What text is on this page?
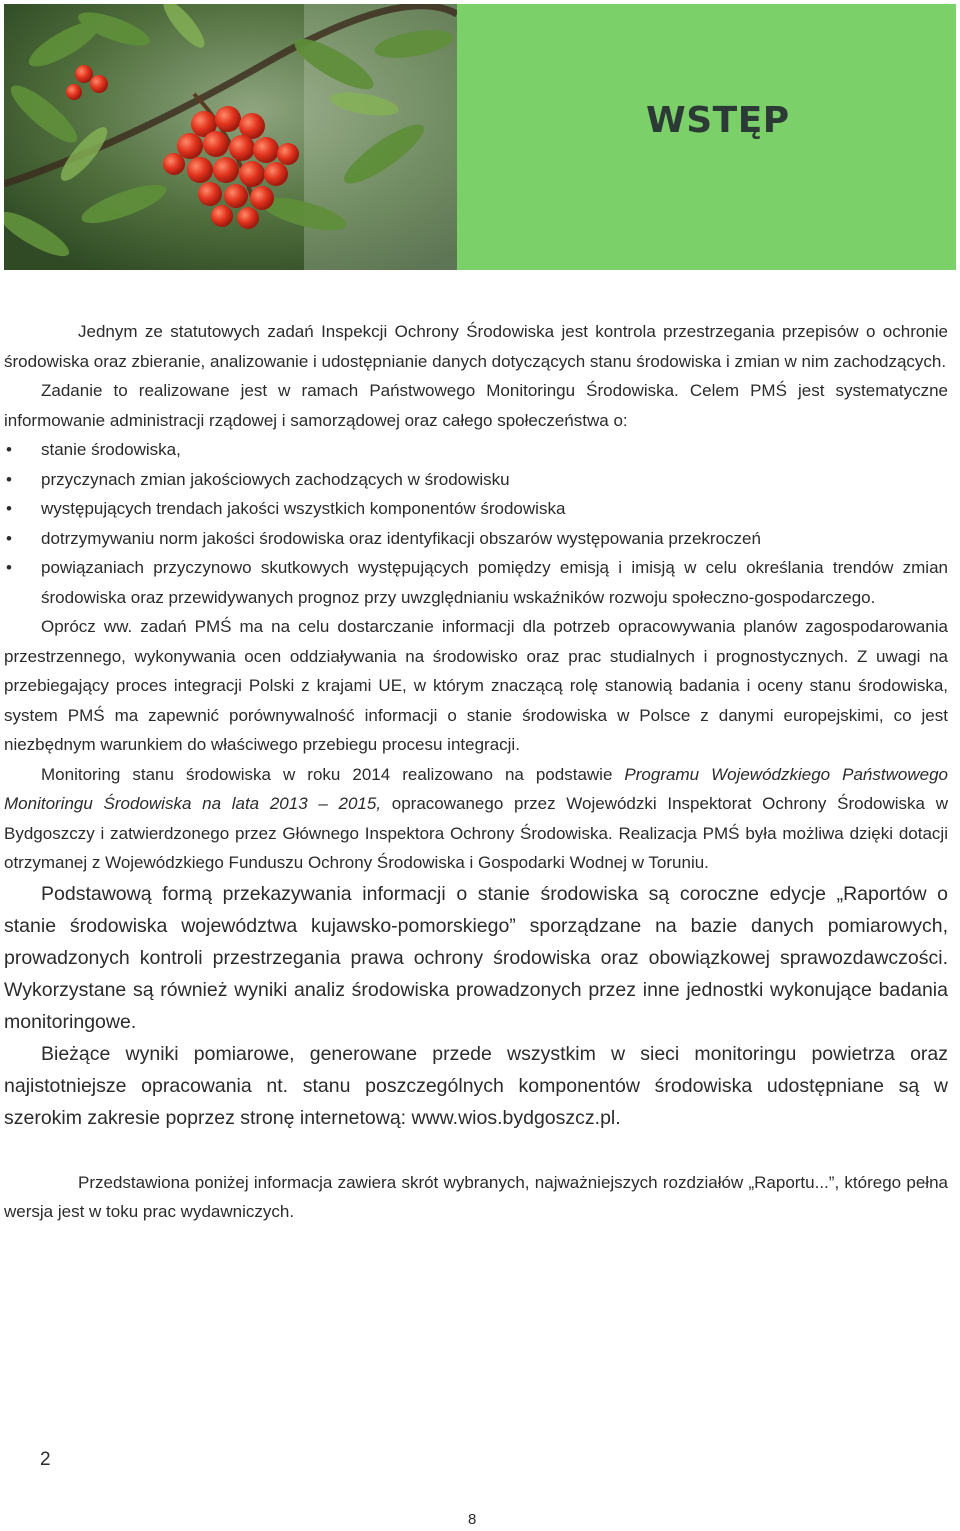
WSTĘP

Jednym ze statutowych zadań Inspekcji Ochrony Środowiska jest kontrola przestrzegania przepisów o ochronie środowiska oraz zbieranie, analizowanie i udostępnianie danych dotyczących stanu środowiska i zmian w nim zachodzących.

Zadanie to realizowane jest w ramach Państwowego Monitoringu Środowiska. Celem PMŚ jest systematyczne informowanie administracji rządowej i samorządowej oraz całego społeczeństwa o:

• stanie środowiska,
• przyczynach zmian jakościowych zachodzących w środowisku
• występujących trendach jakości wszystkich komponentów środowiska
• dotrzymywaniu norm jakości środowiska oraz identyfikacji obszarów występowania przekroczeń
• powiązaniach przyczynowo skutkowych występujących pomiędzy emisją i imisją w celu określania trendów zmian środowiska oraz przewidywanych prognoz przy uwzględnianiu wskaźników rozwoju społeczno-gospodarczego.

Oprócz ww. zadań PMŚ ma na celu dostarczanie informacji dla potrzeb opracowywania planów zagospodarowania przestrzennego, wykonywania ocen oddziaływania na środowisko oraz prac studialnych i prognostycznych. Z uwagi na przebiegający proces integracji Polski z krajami UE, w którym znaczącą rolę stanowią badania i oceny stanu środowiska, system PMŚ ma zapewnić porównywalność informacji o stanie środowiska w Polsce z danymi europejskimi, co jest niezbędnym warunkiem do właściwego przebiegu procesu integracji.

Monitoring stanu środowiska w roku 2014 realizowano na podstawie Programu Wojewódzkiego Państwowego Monitoringu Środowiska na lata 2013 – 2015, opracowanego przez Wojewódzki Inspektorat Ochrony Środowiska w Bydgoszczy i zatwierdzonego przez Głównego Inspektora Ochrony Środowiska. Realizacja PMŚ była możliwa dzięki dotacji otrzymanej z Wojewódzkiego Funduszu Ochrony Środowiska i Gospodarki Wodnej w Toruniu.

Podstawową formą przekazywania informacji o stanie środowiska są coroczne edycje „Raportów o stanie środowiska województwa kujawsko-pomorskiego” sporządzane na bazie danych pomiarowych, prowadzonych kontroli przestrzegania prawa ochrony środowiska oraz obowiązkowej sprawozdawczości. Wykorzystane są również wyniki analiz środowiska prowadzonych przez inne jednostki wykonujące badania monitoringowe.

Bieżące wyniki pomiarowe, generowane przede wszystkim w sieci monitoringu powietrza oraz najistotniejsze opracowania nt. stanu poszczególnych komponentów środowiska udostępniane są w szerokim zakresie poprzez stronę internetową: www.wios.bydgoszcz.pl.

Przedstawiona poniżej informacja zawiera skrót wybranych, najważniejszych rozdziałów „Raportu...”, którego pełna wersja jest w toku prac wydawniczych.

2
8
